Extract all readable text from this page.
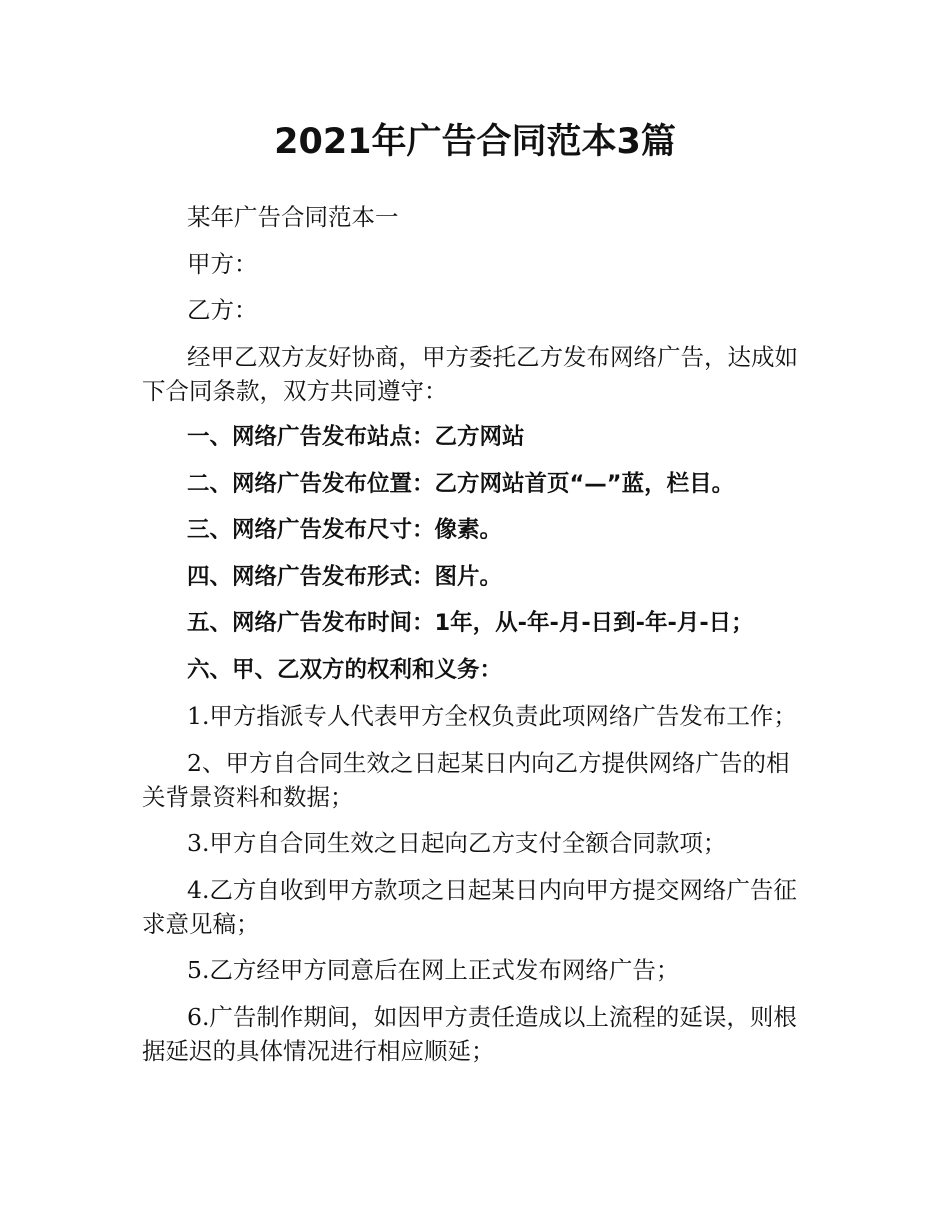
2021年广告合同范本3篇

某年广告合同范本一

甲方：

乙方：

经甲乙双方友好协商，甲方委托乙方发布网络广告，达成如下合同条款，双方共同遵守：

一、网络广告发布站点：乙方网站

二、网络广告发布位置：乙方网站首页“—”蓝，栏目。

三、网络广告发布尺寸：像素。

四、网络广告发布形式：图片。

五、网络广告发布时间：1年，从-年-月-日到-年-月-日；

六、甲、乙双方的权利和义务：

1.甲方指派专人代表甲方全权负责此项网络广告发布工作；

2、甲方自合同生效之日起某日内向乙方提供网络广告的相关背景资料和数据；

3.甲方自合同生效之日起向乙方支付全额合同款项；

4.乙方自收到甲方款项之日起某日内向甲方提交网络广告征求意见稿；

5.乙方经甲方同意后在网上正式发布网络广告；

6.广告制作期间，如因甲方责任造成以上流程的延误，则根据延迟的具体情况进行相应顺延；
